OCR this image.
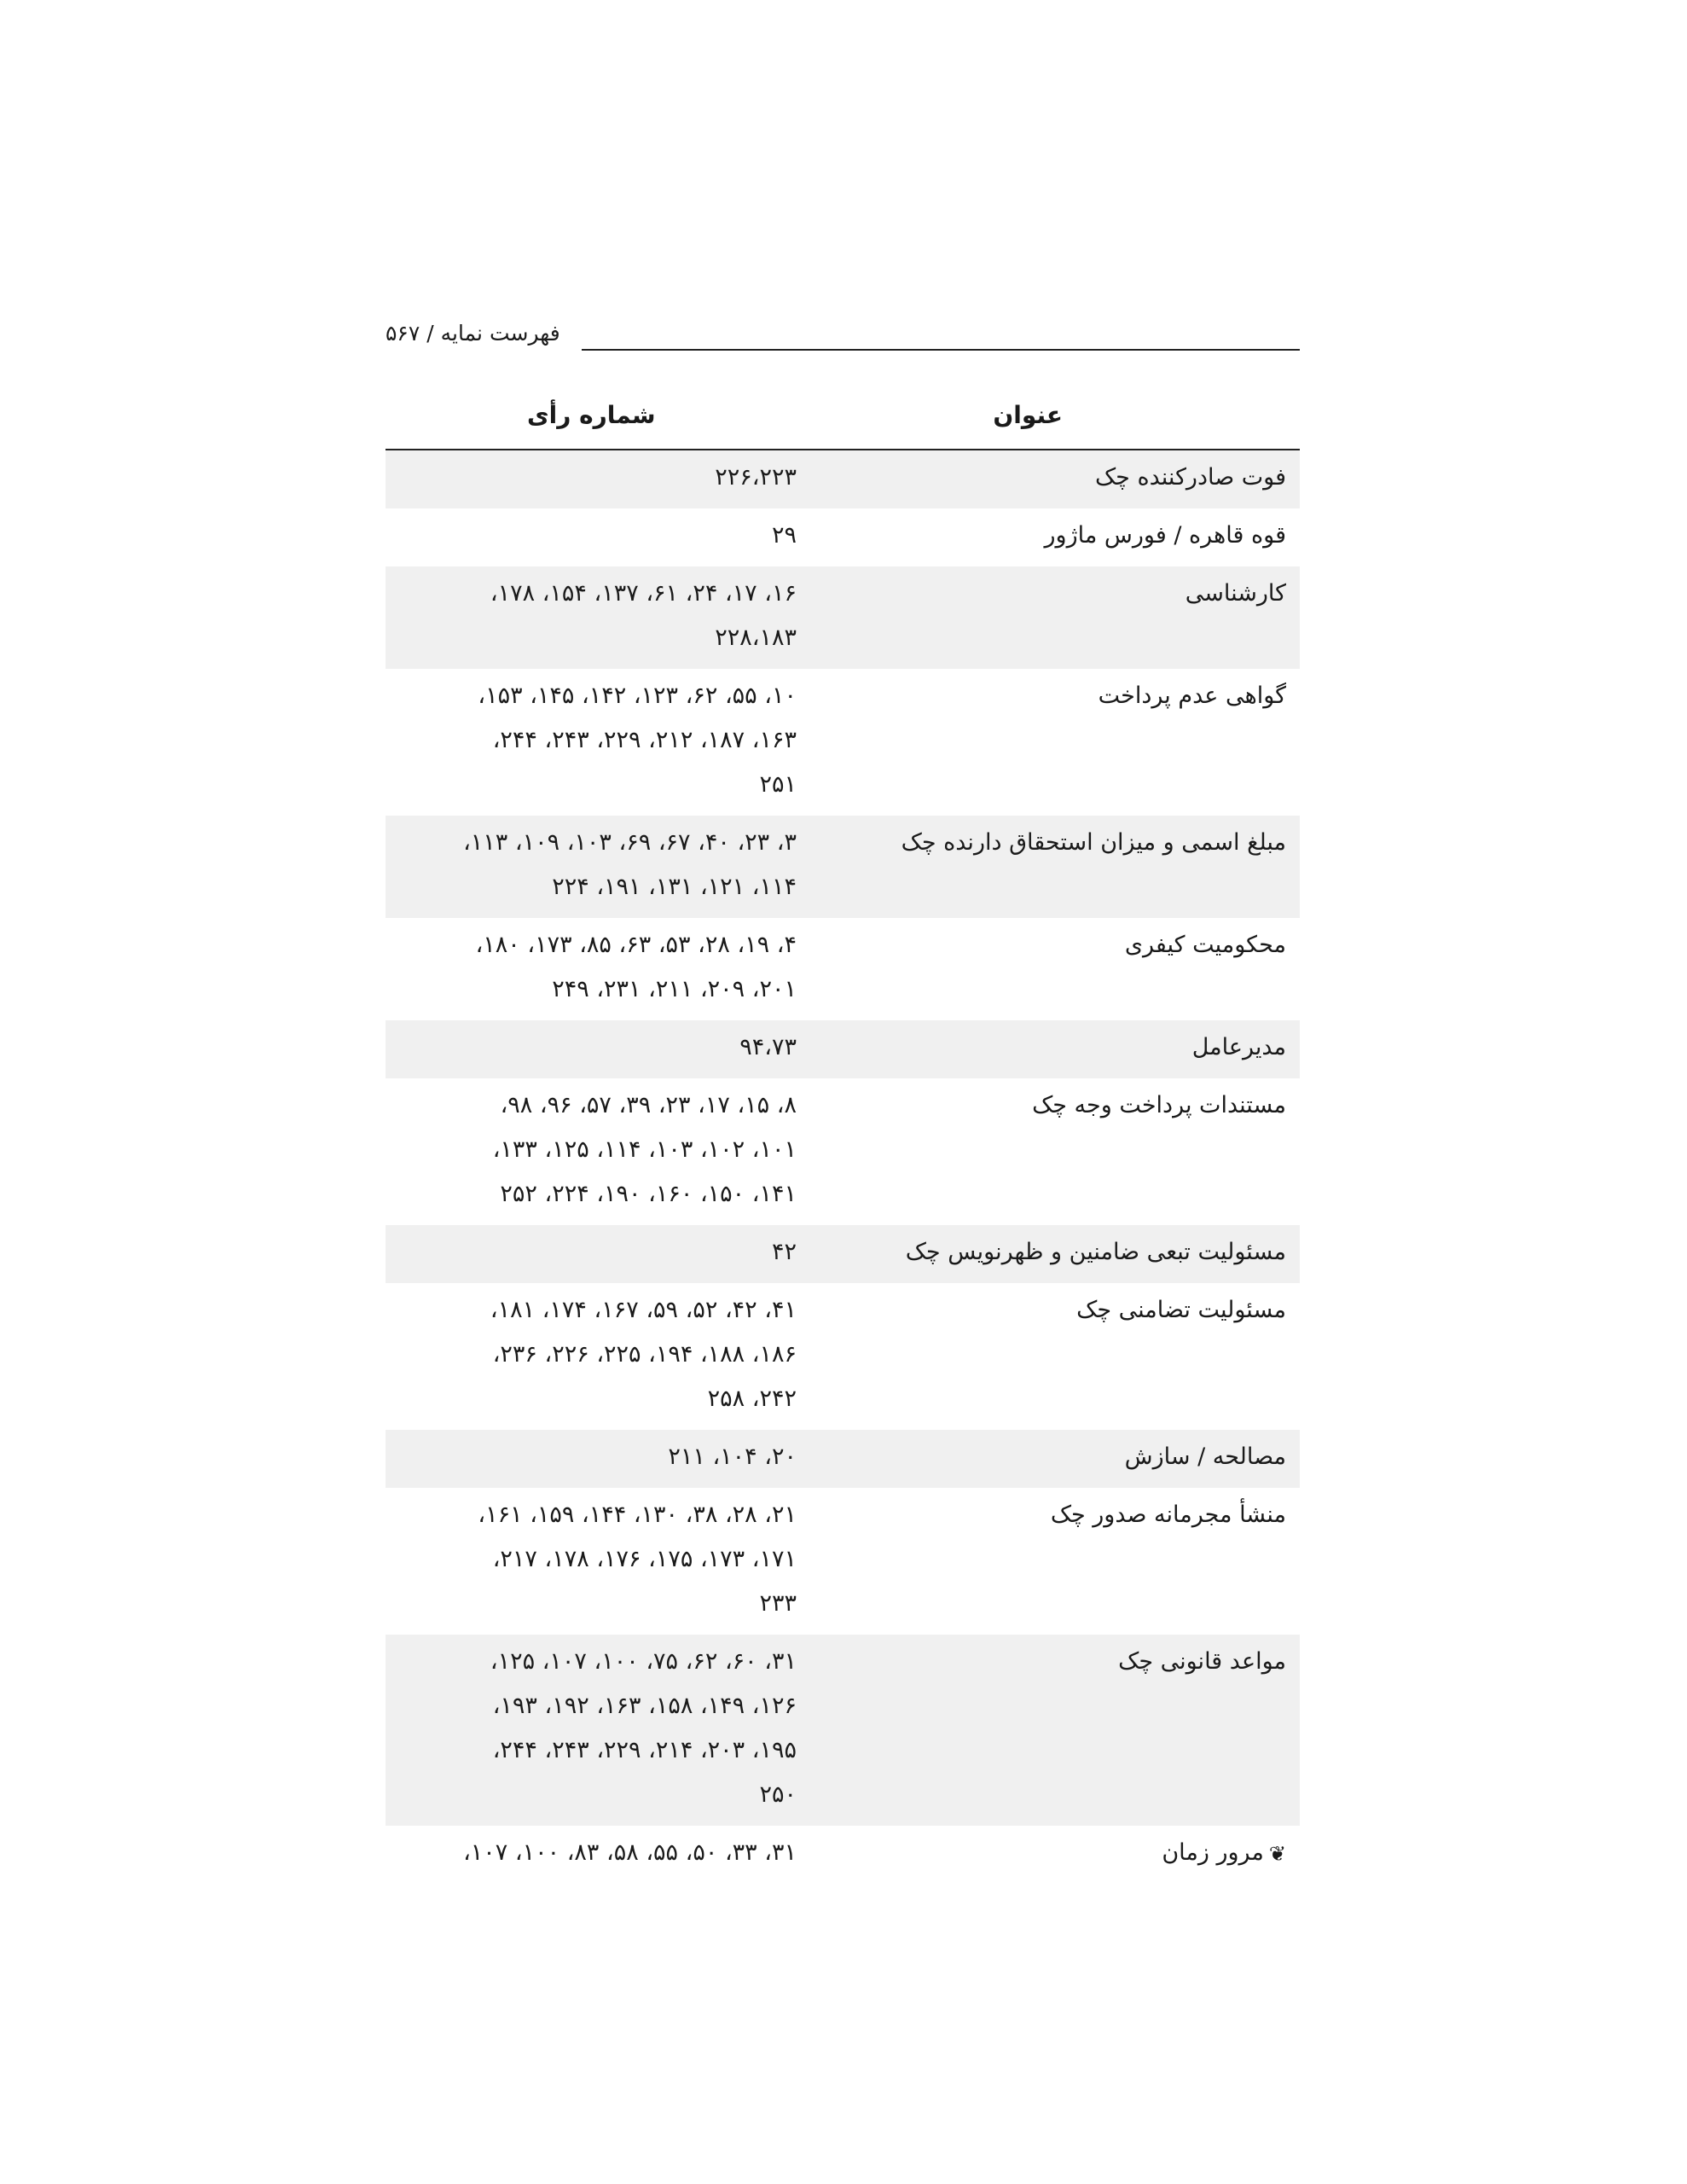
فهرست نمایه / ۵۶۷
عنوان
شماره رأی
فوت صادرکننده چک
۲۲۶،۲۲۳
قوه قاهره / فورس ماژور
۲۹
کارشناسی
۱۶، ۱۷، ۲۴، ۶۱، ۱۳۷، ۱۵۴، ۱۷۸،
۲۲۸،۱۸۳
گواهی عدم پرداخت
۱۰، ۵۵، ۶۲، ۱۲۳، ۱۴۲، ۱۴۵، ۱۵۳،
۱۶۳، ۱۸۷، ۲۱۲، ۲۲۹، ۲۴۳، ۲۴۴،
۲۵۱
مبلغ اسمی و میزان استحقاق دارنده چک
۳، ۲۳، ۴۰، ۶۷، ۶۹، ۱۰۳، ۱۰۹، ۱۱۳،
۱۱۴، ۱۲۱، ۱۳۱، ۱۹۱، ۲۲۴
محکومیت کیفری
۴، ۱۹، ۲۸، ۵۳، ۶۳، ۸۵، ۱۷۳، ۱۸۰،
۲۰۱، ۲۰۹، ۲۱۱، ۲۳۱، ۲۴۹
مدیرعامل
۹۴،۷۳
مستندات پرداخت وجه چک
۸، ۱۵، ۱۷، ۲۳، ۳۹، ۵۷، ۹۶، ۹۸،
۱۰۱، ۱۰۲، ۱۰۳، ۱۱۴، ۱۲۵، ۱۳۳،
۱۴۱، ۱۵۰، ۱۶۰، ۱۹۰، ۲۲۴، ۲۵۲
مسئولیت تبعی ضامنین و ظهرنویس چک
۴۲
مسئولیت تضامنی چک
۴۱، ۴۲، ۵۲، ۵۹، ۱۶۷، ۱۷۴، ۱۸۱،
۱۸۶، ۱۸۸، ۱۹۴، ۲۲۵، ۲۲۶، ۲۳۶،
۲۴۲، ۲۵۸
مصالحه / سازش
۲۰، ۱۰۴، ۲۱۱
منشأ مجرمانه صدور چک
۲۱، ۲۸، ۳۸، ۱۳۰، ۱۴۴، ۱۵۹، ۱۶۱،
۱۷۱، ۱۷۳، ۱۷۵، ۱۷۶، ۱۷۸، ۲۱۷،
۲۳۳
مواعد قانونی چک
۳۱، ۶۰، ۶۲، ۷۵، ۱۰۰، ۱۰۷، ۱۲۵،
۱۲۶، ۱۴۹، ۱۵۸، ۱۶۳، ۱۹۲، ۱۹۳،
۱۹۵، ۲۰۳، ۲۱۴، ۲۲۹، ۲۴۳، ۲۴۴،
۲۵۰
❦مرور زمان
۳۱، ۳۳، ۵۰، ۵۵، ۵۸، ۸۳، ۱۰۰، ۱۰۷،
